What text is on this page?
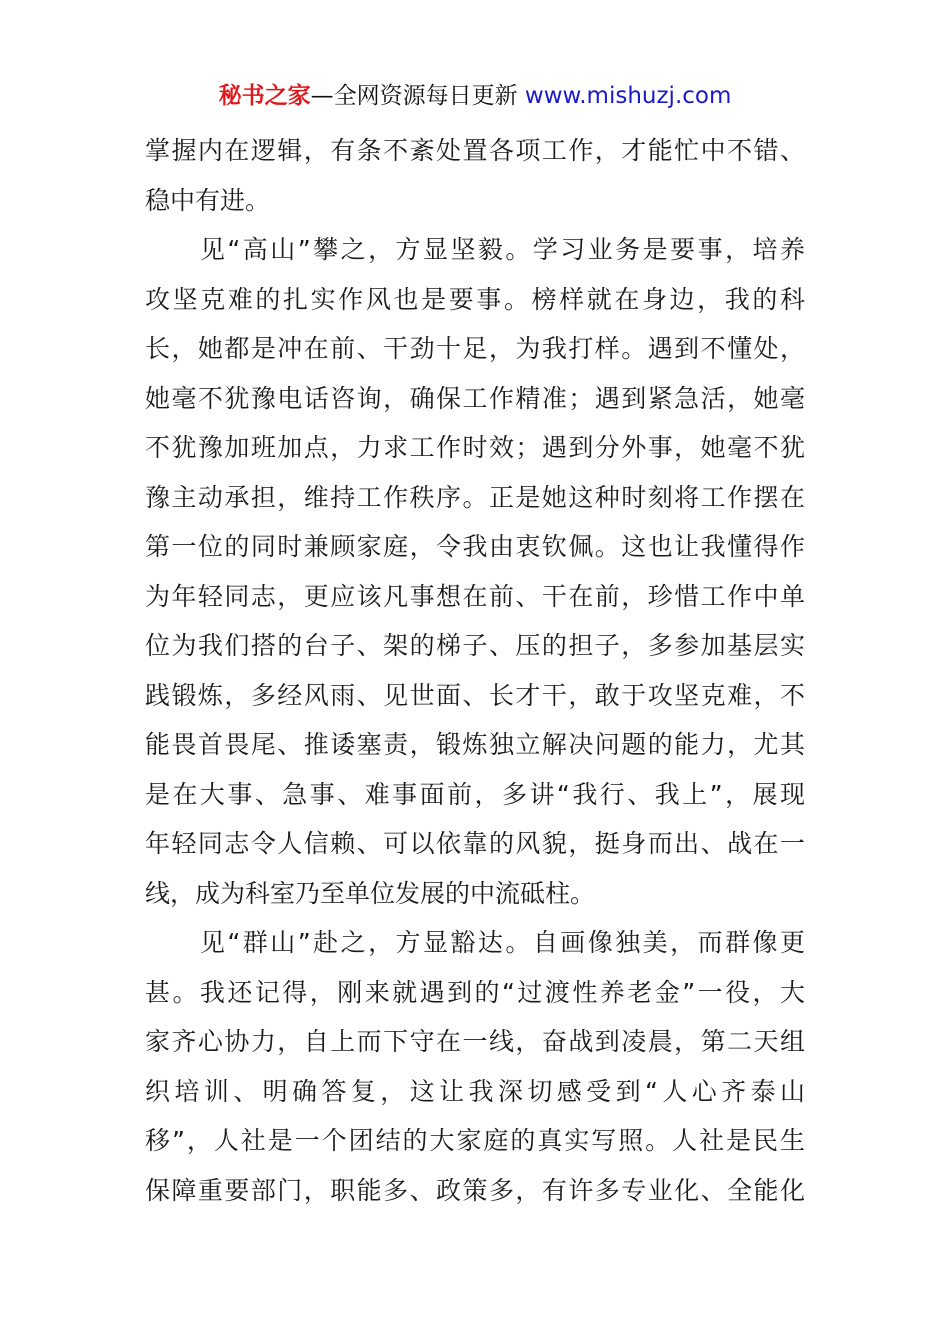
秘书之家—全网资源每日更新 www.mishuzj.com
掌握内在逻辑，有条不紊处置各项工作，才能忙中不错、
稳中有进。
　　见“高山”攀之，方显坚毅。学习业务是要事，培养
攻坚克难的扎实作风也是要事。榜样就在身边，我的科
长，她都是冲在前、干劲十足，为我打样。遇到不懂处，
她毫不犹豫电话咨询，确保工作精准；遇到紧急活，她毫
不犹豫加班加点，力求工作时效；遇到分外事，她毫不犹
豫主动承担，维持工作秩序。正是她这种时刻将工作摆在
第一位的同时兼顾家庭，令我由衷钦佩。这也让我懂得作
为年轻同志，更应该凡事想在前、干在前，珍惜工作中单
位为我们搭的台子、架的梯子、压的担子，多参加基层实
践锻炼，多经风雨、见世面、长才干，敢于攻坚克难，不
能畏首畏尾、推诿塞责，锻炼独立解决问题的能力，尤其
是在大事、急事、难事面前，多讲“我行、我上”，展现
年轻同志令人信赖、可以依靠的风貌，挺身而出、战在一
线，成为科室乃至单位发展的中流砥柱。
　　见“群山”赴之，方显豁达。自画像独美，而群像更
甚。我还记得，刚来就遇到的“过渡性养老金”一役，大
家齐心协力，自上而下守在一线，奋战到凌晨，第二天组
织培训、明确答复，这让我深切感受到“人心齐泰山
移”，人社是一个团结的大家庭的真实写照。人社是民生
保障重要部门，职能多、政策多，有许多专业化、全能化
